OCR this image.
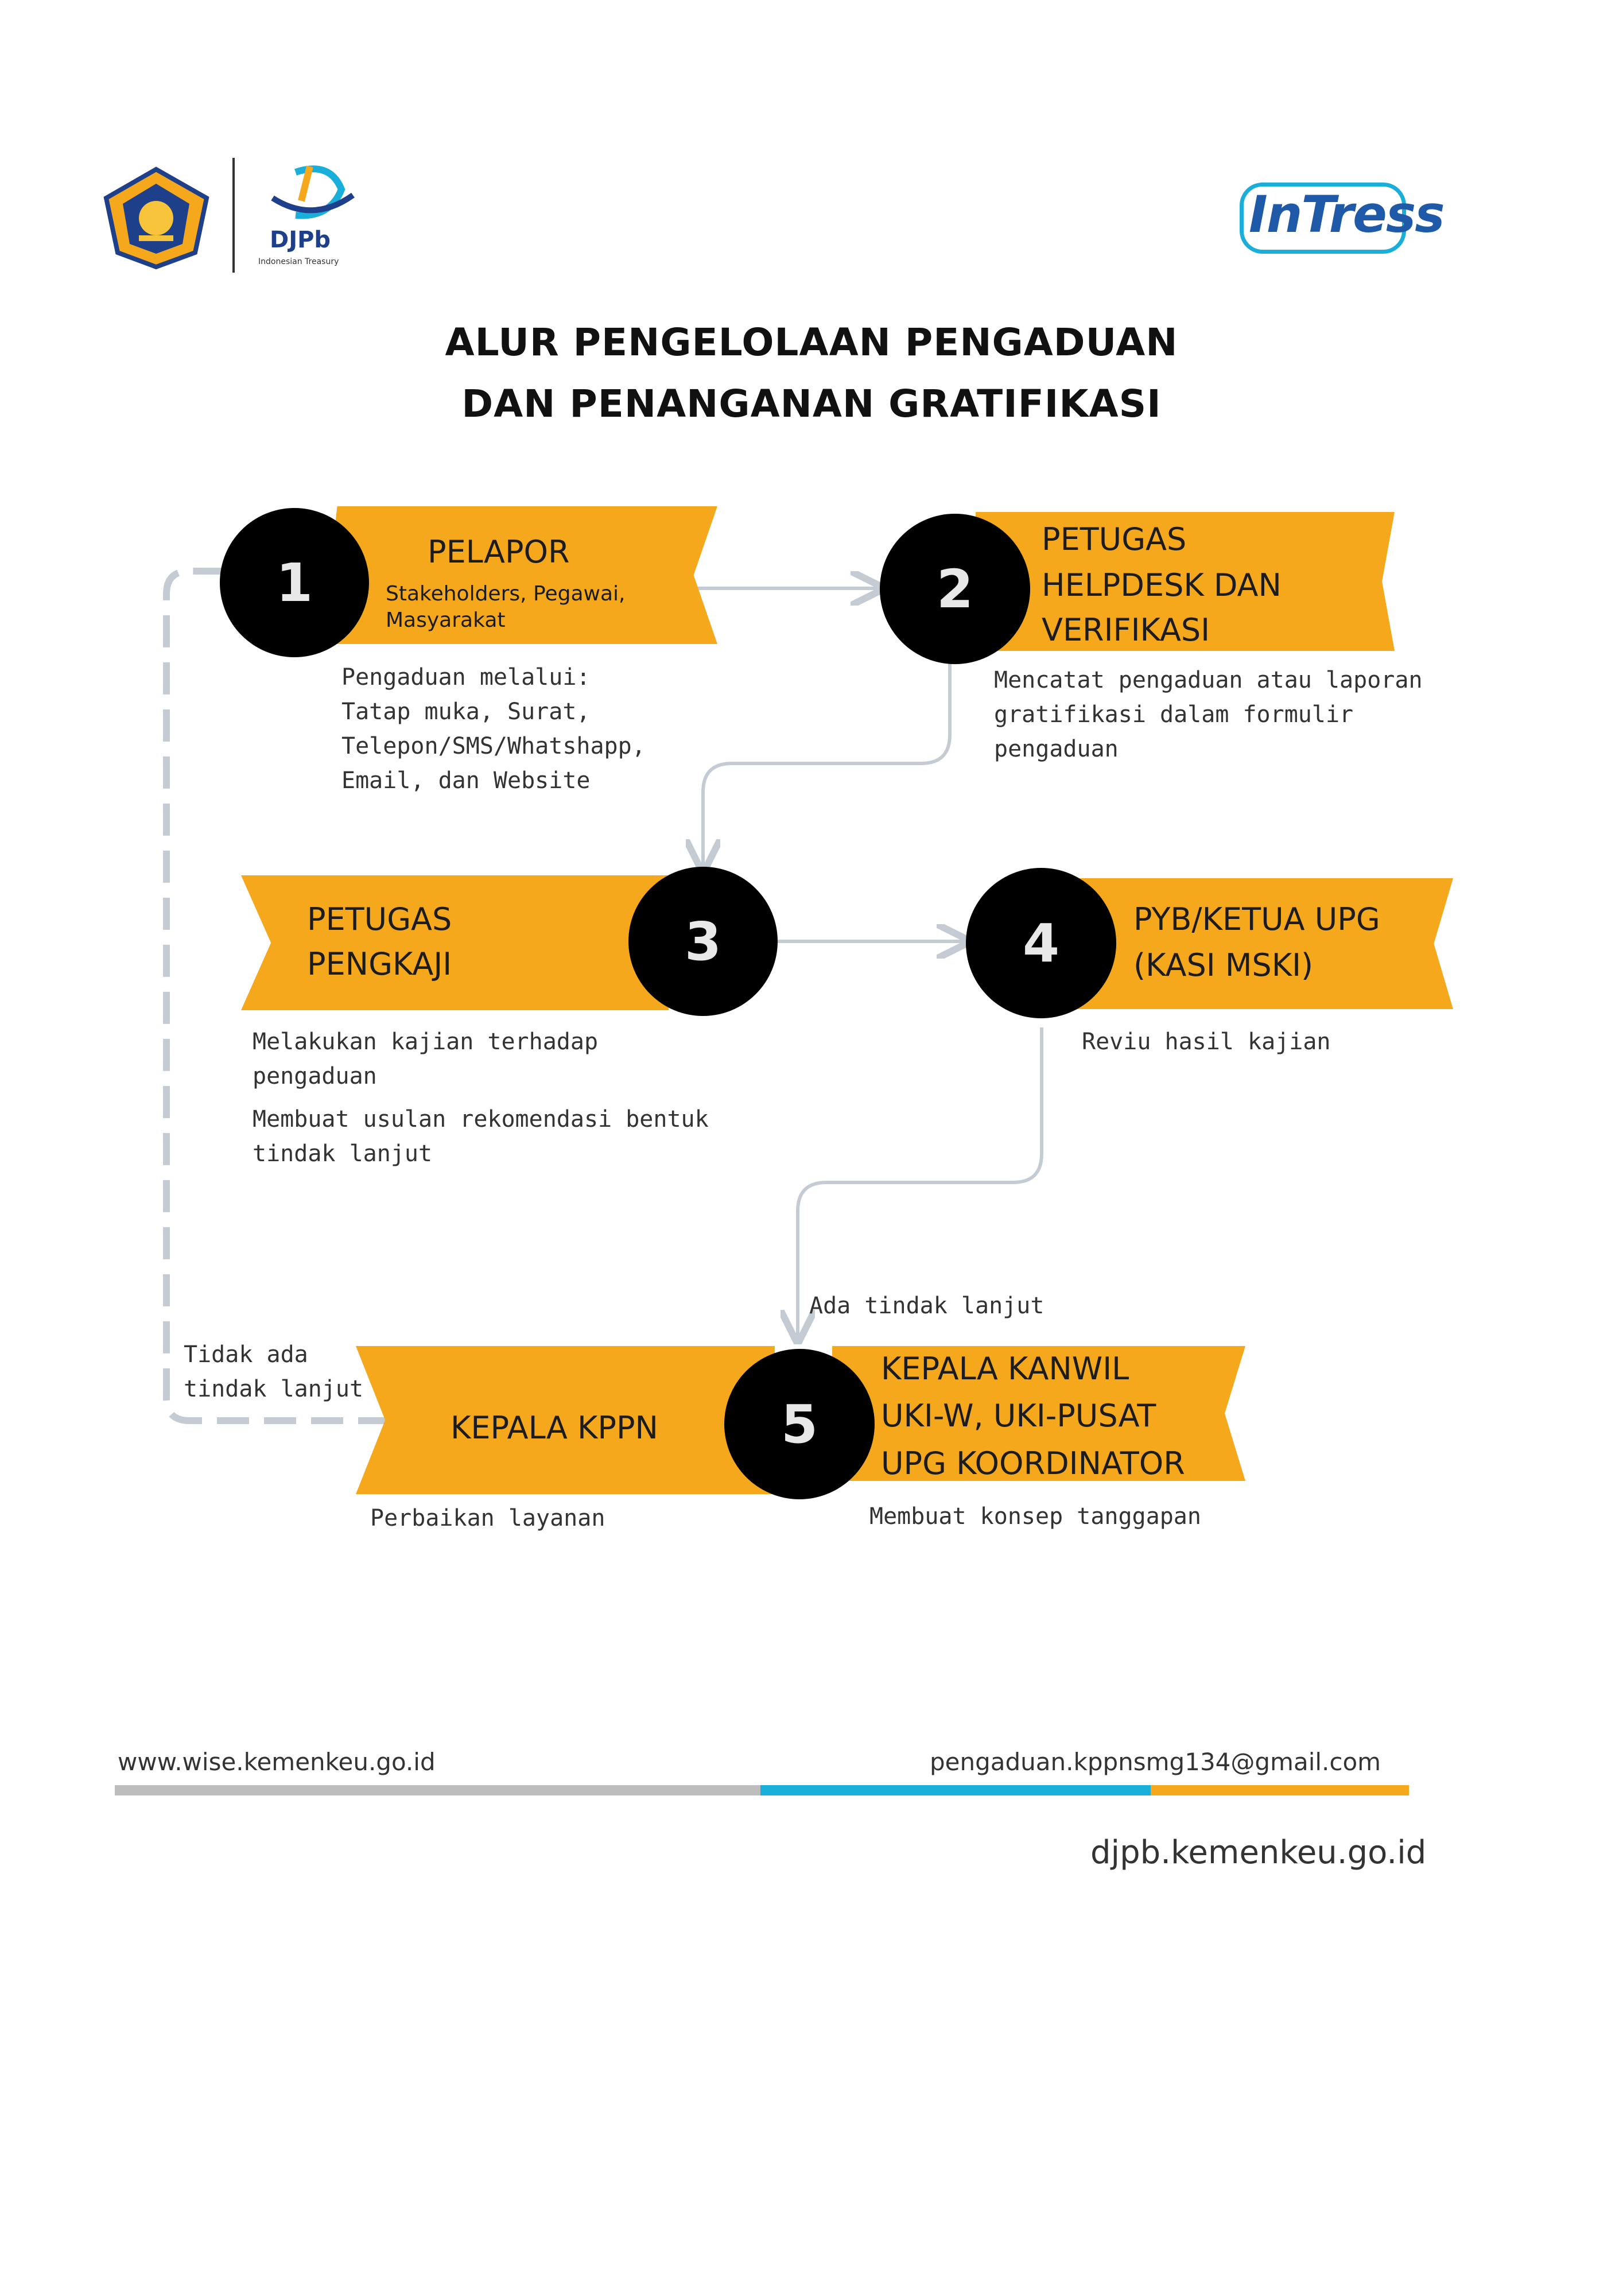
DJPb
Indonesian Treasury
InTress
ALUR PENGELOLAAN PENGADUAN
DAN PENANGANAN GRATIFIKASI
PELAPOR
Stakeholders, Pegawai, Masyarakat
1
Pengaduan melalui:
Tatap muka, Surat,
Telepon/SMS/Whatshapp,
Email, dan Website
PETUGAS
HELPDESK DAN
VERIFIKASI
2
Mencatat pengaduan atau laporan
gratifikasi dalam formulir
pengaduan
PETUGAS
PENGKAJI	3
Melakukan kajian terhadap
pengaduan
Membuat usulan rekomendasi bentuk
tindak lanjut
PYB/KETUA UPG
(KASI MSKI)
4
Reviu hasil kajian
KEPALA KPPN
KEPALA KANWIL
UKI-W, UKI-PUSAT
UPG KOORDINATOR
5
Perbaikan layanan	Membuat konsep tanggapan
Ada tindak lanjut
Tidak ada
tindak lanjut
www.wise.kemenkeu.go.id	pengaduan.kppnsmg134@gmail.com
djpb.kemenkeu.go.id
